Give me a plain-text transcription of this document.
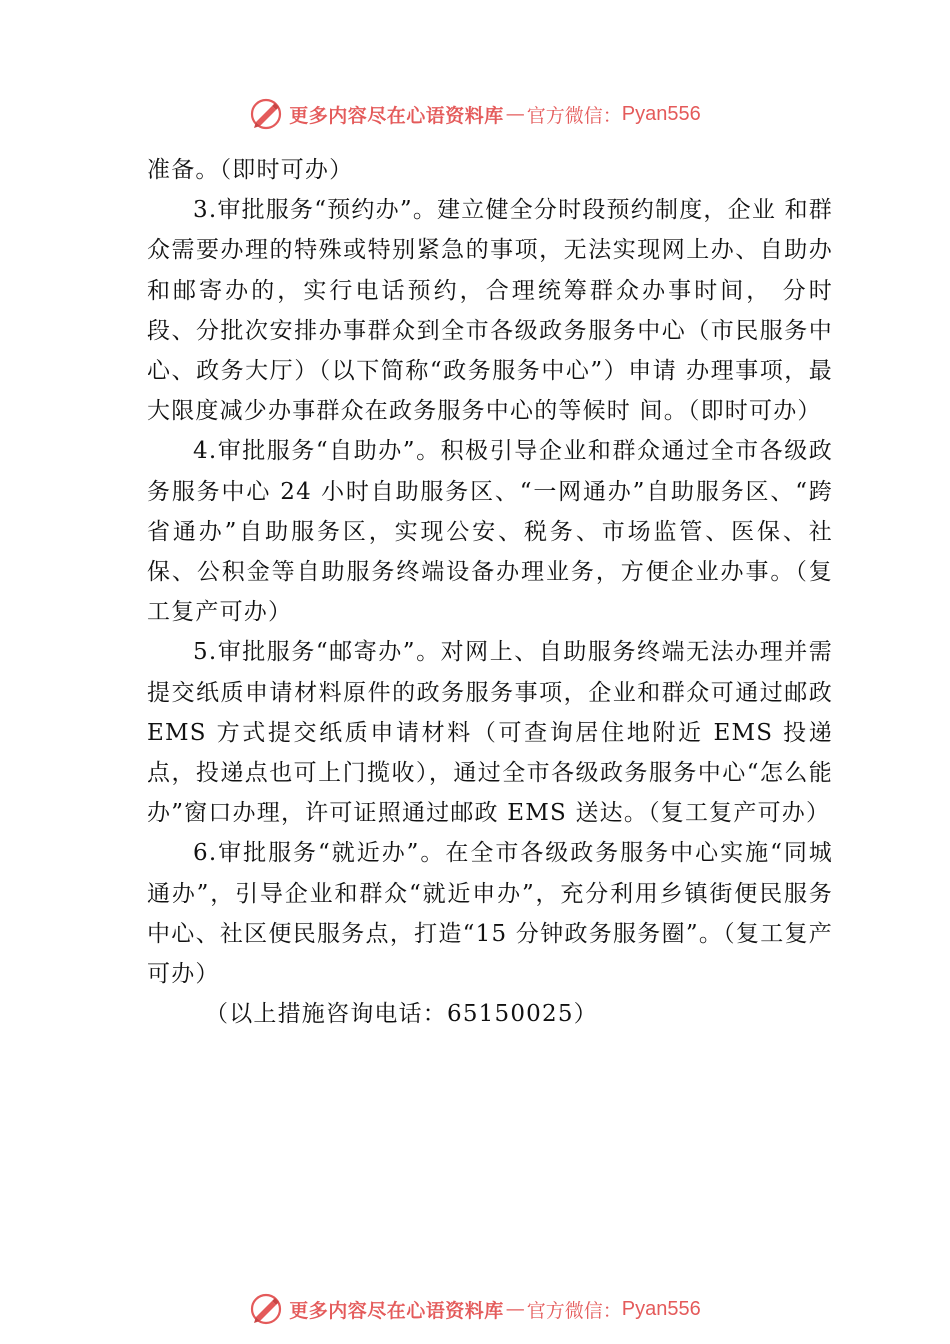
更多内容尽在心语资料库 — 官方微信： Pyan556

准备。（即时可办）

3.审批服务“预约办”。建立健全分时段预约制度，企业 和群众需要办理的特殊或特别紧急的事项，无法实现网上办、自助办和邮寄办的，实行电话预约，合理统筹群众办事时间， 分时段、分批次安排办事群众到全市各级政务服务中心（市民服务中心、政务大厅）（以下简称“政务服务中心”）申请 办理事项，最大限度减少办事群众在政务服务中心的等候时 间。（即时可办）

4.审批服务“自助办”。积极引导企业和群众通过全市各级政务服务中心 24 小时自助服务区、“一网通办”自助服务区、“跨省通办”自助服务区，实现公安、税务、市场监管、医保、社保、公积金等自助服务终端设备办理业务，方便企业办事。（复工复产可办）

5.审批服务“邮寄办”。对网上、自助服务终端无法办理并需提交纸质申请材料原件的政务服务事项，企业和群众可通过邮政 EMS 方式提交纸质申请材料（可查询居住地附近 EMS 投递点，投递点也可上门揽收），通过全市各级政务服务中心“怎么能办”窗口办理，许可证照通过邮政 EMS 送达。（复工复产可办）

6.审批服务“就近办”。在全市各级政务服务中心实施“同城通办”，引导企业和群众“就近申办”，充分利用乡镇街便民服务中心、社区便民服务点，打造“15 分钟政务服务圈”。（复工复产可办）

（以上措施咨询电话：65150025）

更多内容尽在心语资料库 — 官方微信： Pyan556
